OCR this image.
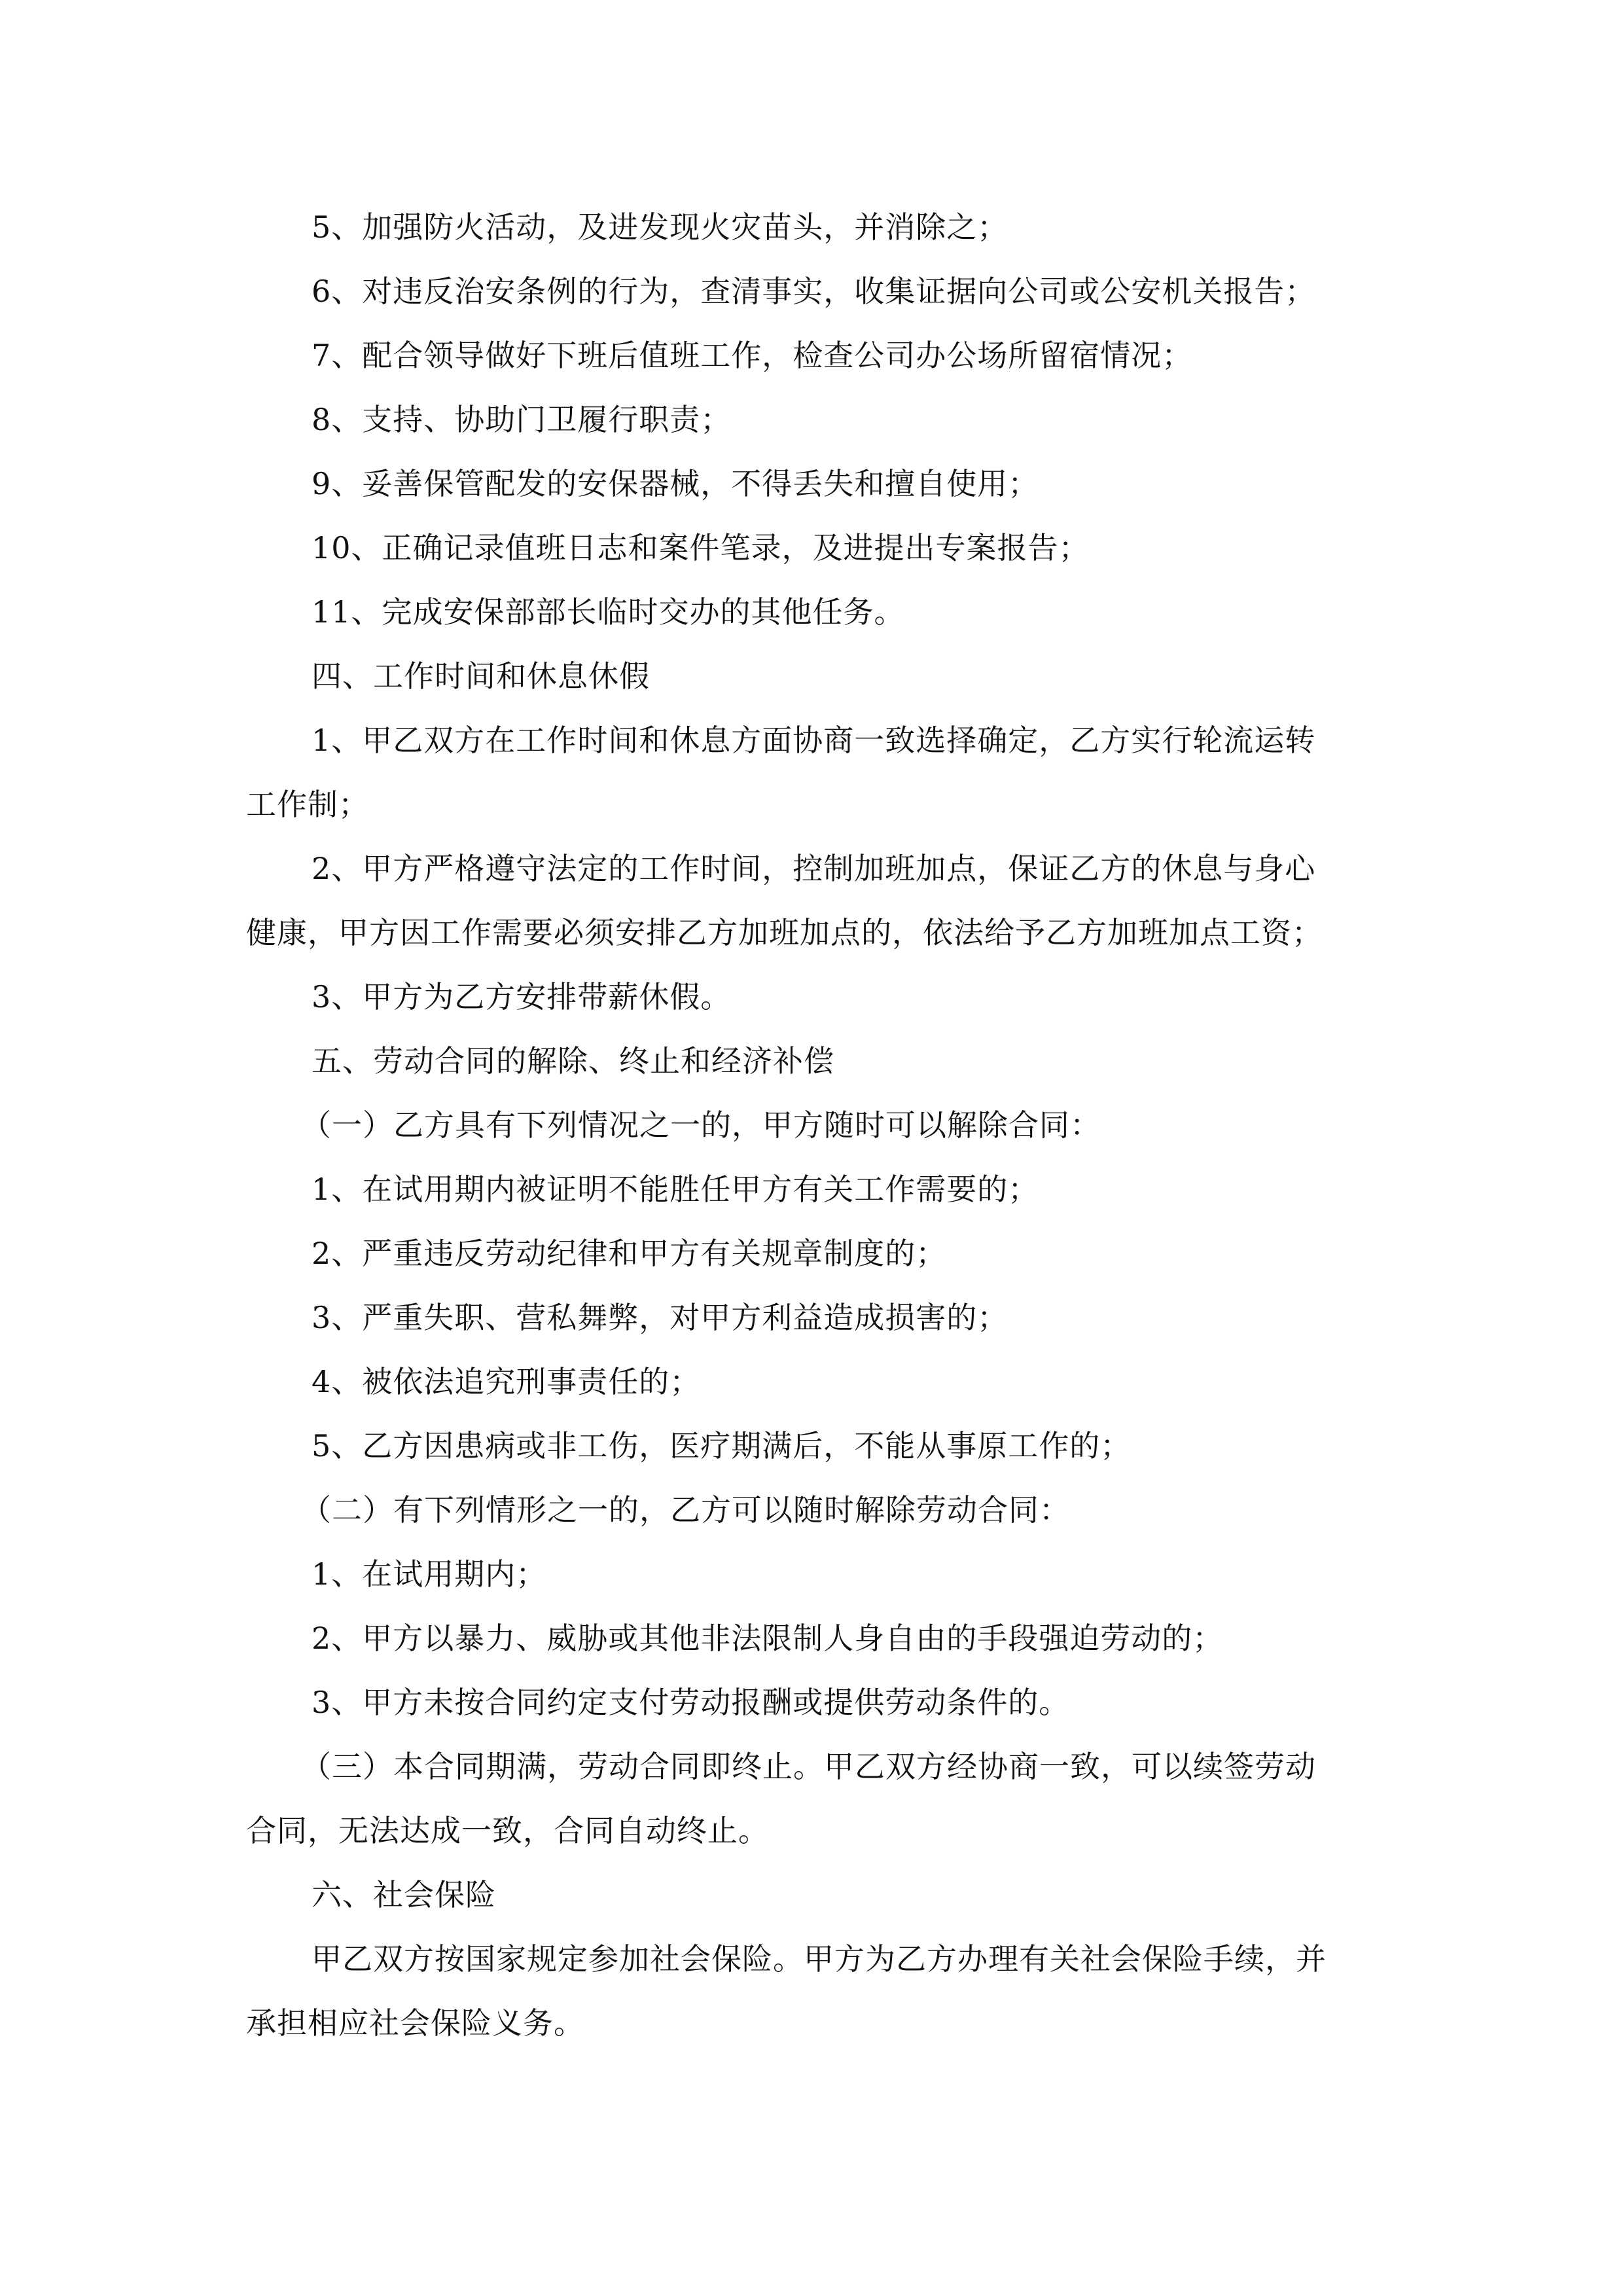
5、加强防火活动，及进发现火灾苗头，并消除之；
6、对违反治安条例的行为，查清事实，收集证据向公司或公安机关报告；
7、配合领导做好下班后值班工作，检查公司办公场所留宿情况；
8、支持、协助门卫履行职责；
9、妥善保管配发的安保器械，不得丢失和擅自使用；
10、正确记录值班日志和案件笔录，及进提出专案报告；
11、完成安保部部长临时交办的其他任务。
四、工作时间和休息休假
1、甲乙双方在工作时间和休息方面协商一致选择确定，乙方实行轮流运转
工作制；
2、甲方严格遵守法定的工作时间，控制加班加点，保证乙方的休息与身心
健康，甲方因工作需要必须安排乙方加班加点的，依法给予乙方加班加点工资；
3、甲方为乙方安排带薪休假。
五、劳动合同的解除、终止和经济补偿
（一）乙方具有下列情况之一的，甲方随时可以解除合同：
1、在试用期内被证明不能胜任甲方有关工作需要的；
2、严重违反劳动纪律和甲方有关规章制度的；
3、严重失职、营私舞弊，对甲方利益造成损害的；
4、被依法追究刑事责任的；
5、乙方因患病或非工伤，医疗期满后，不能从事原工作的；
（二）有下列情形之一的，乙方可以随时解除劳动合同：
1、在试用期内；
2、甲方以暴力、威胁或其他非法限制人身自由的手段强迫劳动的；
3、甲方未按合同约定支付劳动报酬或提供劳动条件的。
（三）本合同期满，劳动合同即终止。甲乙双方经协商一致，可以续签劳动
合同，无法达成一致，合同自动终止。
六、社会保险
甲乙双方按国家规定参加社会保险。甲方为乙方办理有关社会保险手续，并
承担相应社会保险义务。
